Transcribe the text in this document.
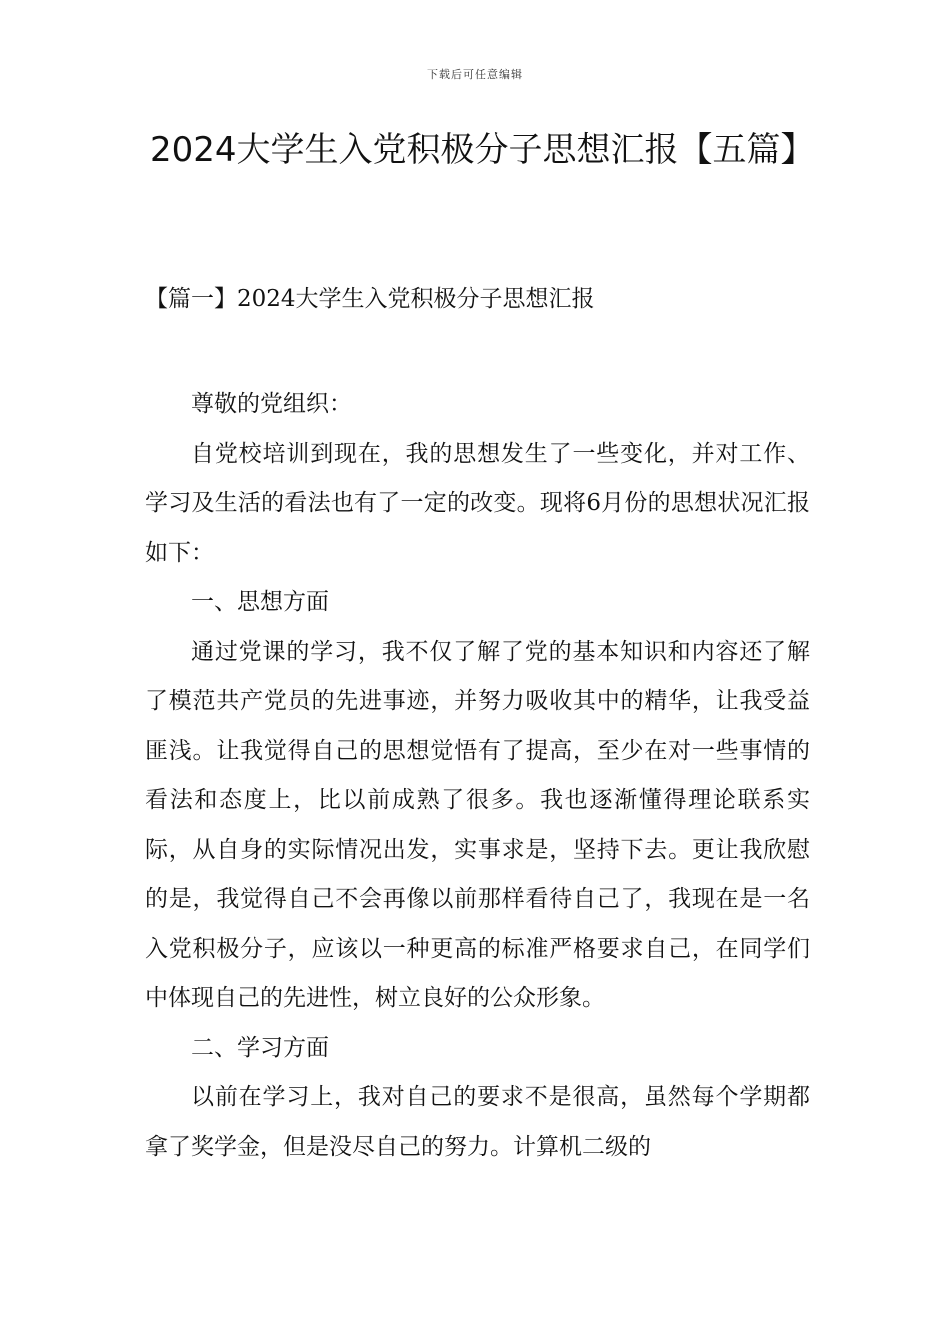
下载后可任意编辑
2024大学生入党积极分子思想汇报【五篇】
【篇一】2024大学生入党积极分子思想汇报

尊敬的党组织：

自党校培训到现在，我的思想发生了一些变化，并对工作、学习及生活的看法也有了一定的改变。现将6月份的思想状况汇报如下：

一、思想方面

通过党课的学习，我不仅了解了党的基本知识和内容还了解了模范共产党员的先进事迹，并努力吸收其中的精华，让我受益匪浅。让我觉得自己的思想觉悟有了提高，至少在对一些事情的看法和态度上，比以前成熟了很多。我也逐渐懂得理论联系实际，从自身的实际情况出发，实事求是，坚持下去。更让我欣慰的是，我觉得自己不会再像以前那样看待自己了，我现在是一名入党积极分子，应该以一种更高的标准严格要求自己，在同学们中体现自己的先进性，树立良好的公众形象。

二、学习方面

以前在学习上，我对自己的要求不是很高，虽然每个学期都拿了奖学金，但是没尽自己的努力。计算机二级的
